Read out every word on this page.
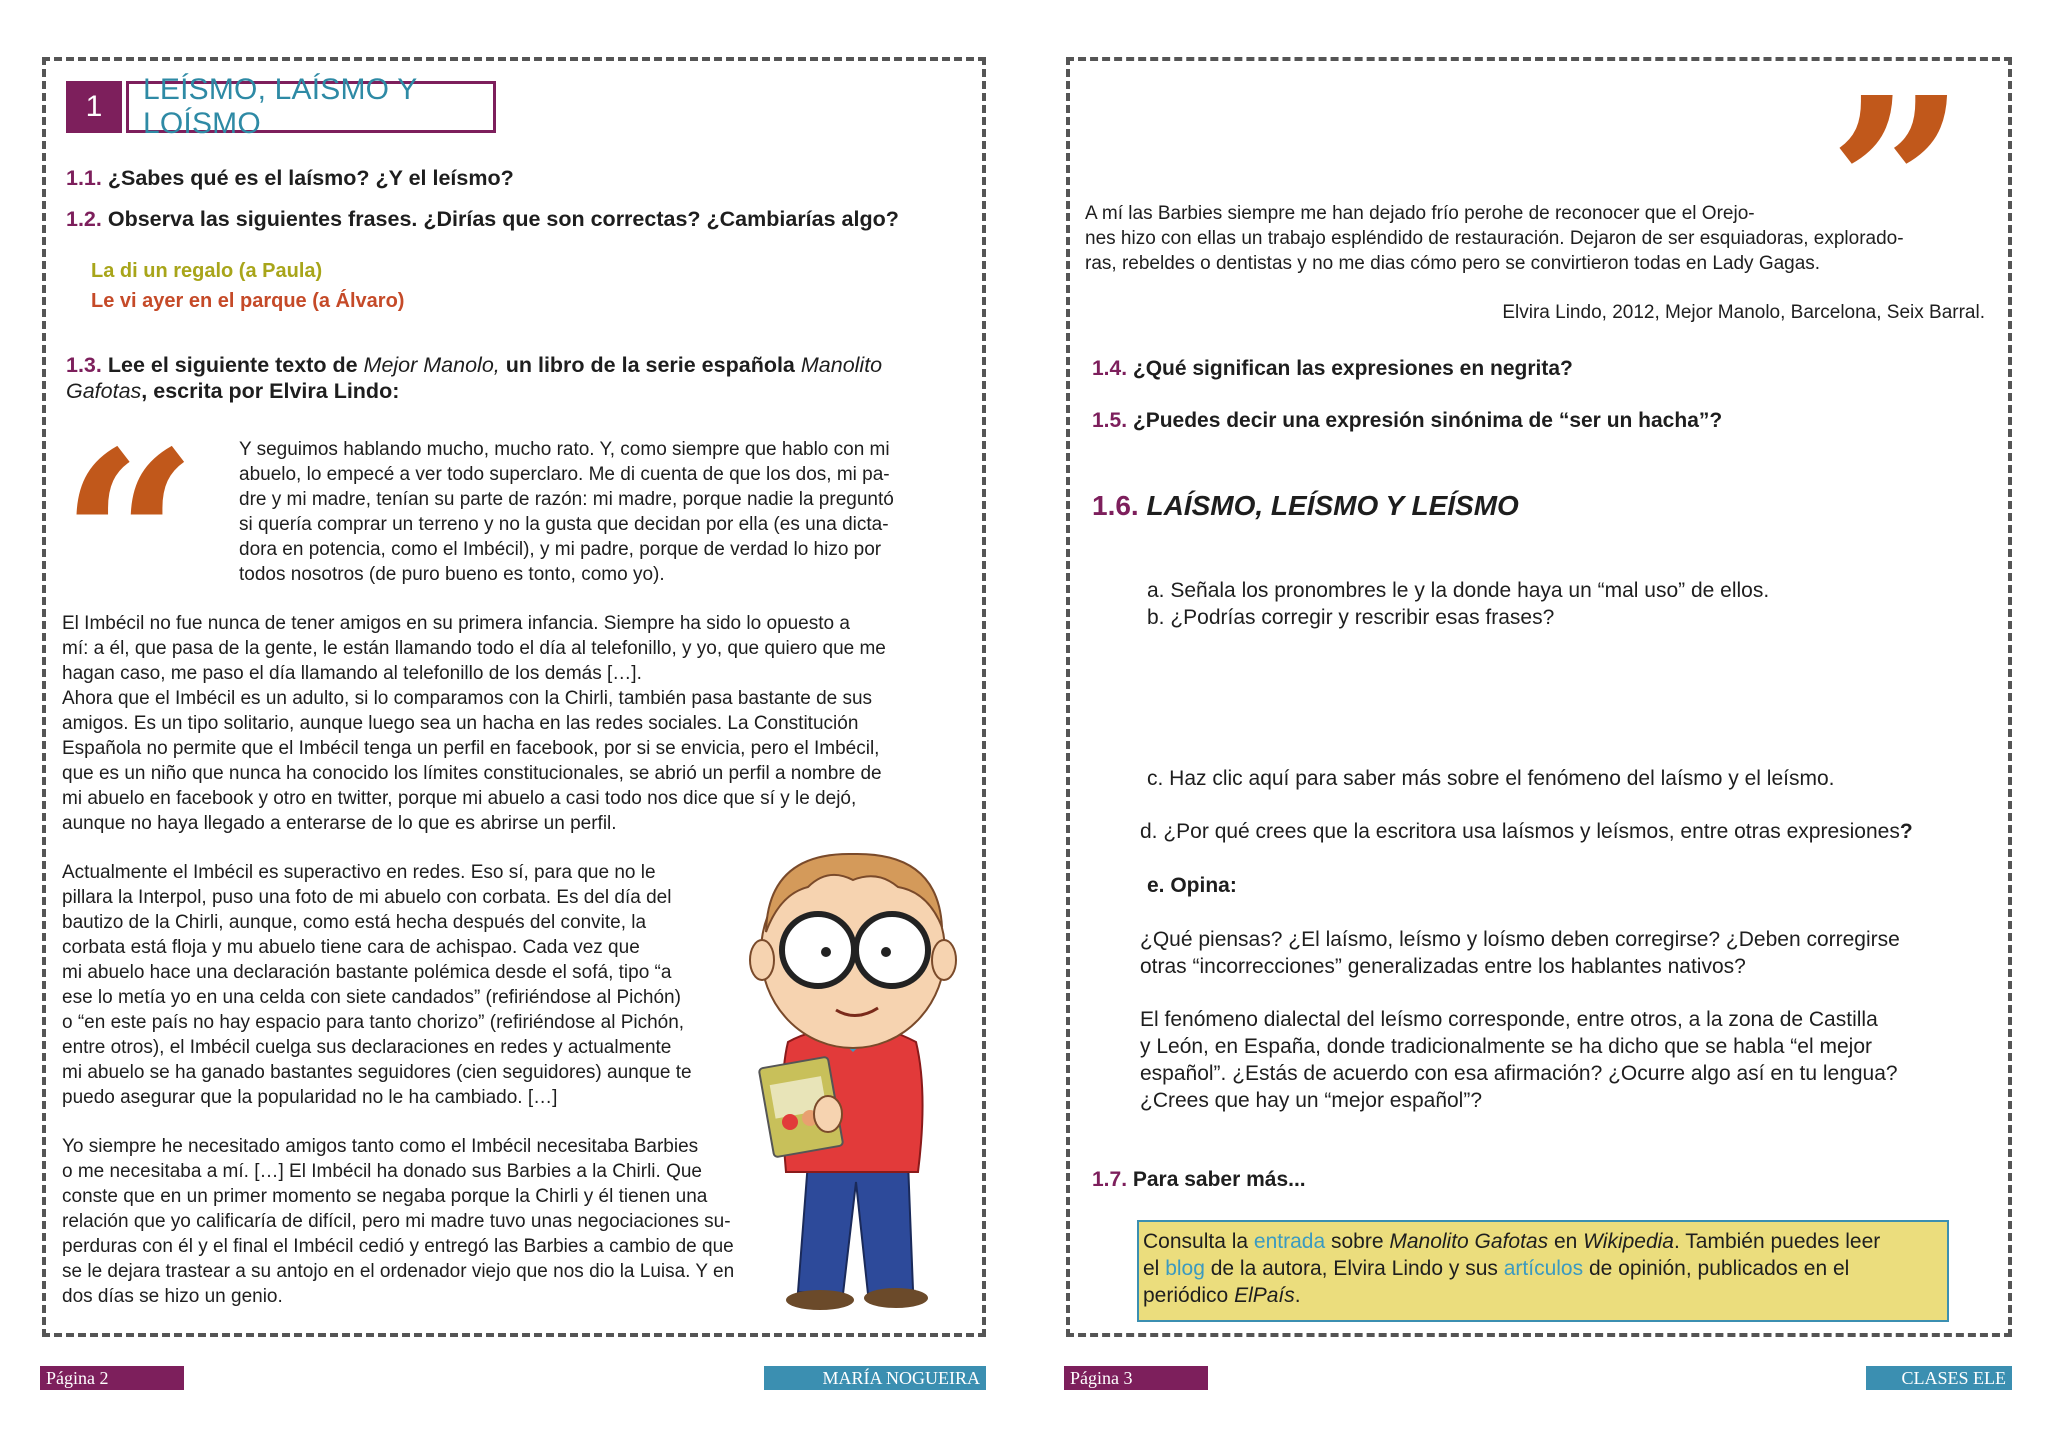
1
LEÍSMO, LAÍSMO Y LOÍSMO
1.1. ¿Sabes qué es el laísmo? ¿Y el leísmo?
1.2. Observa las siguientes frases. ¿Dirías que son correctas? ¿Cambiarías algo?
La di un regalo (a Paula)
Le vi ayer en el parque (a Álvaro)
1.3. Lee el siguiente texto de Mejor Manolo, un libro de la serie española Manolito
Gafotas, escrita por Elvira Lindo:
“ Y seguimos hablando mucho, mucho rato. Y, como siempre que hablo con mi
abuelo, lo empecé a ver todo superclaro. Me di cuenta de que los dos, mi pa-
dre y mi madre, tenían su parte de razón: mi madre, porque nadie la preguntó
si quería comprar un terreno y no la gusta que decidan por ella (es una dicta-
dora en potencia, como el Imbécil), y mi padre, porque de verdad lo hizo por
todos nosotros (de puro bueno es tonto, como yo).
El Imbécil no fue nunca de tener amigos en su primera infancia. Siempre ha sido lo opuesto a
mí: a él, que pasa de la gente, le están llamando todo el día al telefonillo, y yo, que quiero que me
hagan caso, me paso el día llamando al telefonillo de los demás […].
Ahora que el Imbécil es un adulto, si lo comparamos con la Chirli, también pasa bastante de sus
amigos. Es un tipo solitario, aunque luego sea un hacha en las redes sociales. La Constitución
Española no permite que el Imbécil tenga un perfil en facebook, por si se envicia, pero el Imbécil,
que es un niño que nunca ha conocido los límites constitucionales, se abrió un perfil a nombre de
mi abuelo en facebook y otro en twitter, porque mi abuelo a casi todo nos dice que sí y le dejó,
aunque no haya llegado a enterarse de lo que es abrirse un perfil.
Actualmente el Imbécil es superactivo en redes. Eso sí, para que no le
pillara la Interpol, puso una foto de mi abuelo con corbata. Es del día del
bautizo de la Chirli, aunque, como está hecha después del convite, la
corbata está floja y mu abuelo tiene cara de achispao. Cada vez que
mi abuelo hace una declaración bastante polémica desde el sofá, tipo “a
ese lo metía yo en una celda con siete candados” (refiriéndose al Pichón)
o “en este país no hay espacio para tanto chorizo” (refiriéndose al Pichón,
entre otros), el Imbécil cuelga sus declaraciones en redes y actualmente
mi abuelo se ha ganado bastantes seguidores (cien seguidores) aunque te
puedo asegurar que la popularidad no le ha cambiado. […]
Yo siempre he necesitado amigos tanto como el Imbécil necesitaba Barbies
o me necesitaba a mí. […] El Imbécil ha donado sus Barbies a la Chirli. Que
conste que en un primer momento se negaba porque la Chirli y él tienen una
relación que yo calificaría de difícil, pero mi madre tuvo unas negociaciones su-
perduras con él y el final el Imbécil cedió y entregó las Barbies a cambio de que
se le dejara trastear a su antojo en el ordenador viejo que nos dio la Luisa. Y en
dos días se hizo un genio.
Página 2	MARÍA NOGUEIRA
”
A mí las Barbies siempre me han dejado frío perohe de reconocer que el Orejo-
nes hizo con ellas un trabajo espléndido de restauración. Dejaron de ser esquiadoras, explorado-
ras, rebeldes o dentistas y no me dias cómo pero se convirtieron todas en Lady Gagas.
Elvira Lindo, 2012, Mejor Manolo, Barcelona, Seix Barral.
1.4. ¿Qué significan las expresiones en negrita?
1.5. ¿Puedes decir una expresión sinónima de “ser un hacha”?
1.6. LAÍSMO, LEÍSMO Y LEÍSMO
a. Señala los pronombres le y la donde haya un “mal uso” de ellos.
b. ¿Podrías corregir y rescribir esas frases?
c. Haz clic aquí para saber más sobre el fenómeno del laísmo y el leísmo.
d. ¿Por qué crees que la escritora usa laísmos y leísmos, entre otras expresiones?
e. Opina:
¿Qué piensas? ¿El laísmo, leísmo y loísmo deben corregirse? ¿Deben corregirse
otras “incorrecciones” generalizadas entre los hablantes nativos?
El fenómeno dialectal del leísmo corresponde, entre otros, a la zona de Castilla
y León, en España, donde tradicionalmente se ha dicho que se habla “el mejor
español”. ¿Estás de acuerdo con esa afirmación? ¿Ocurre algo así en tu lengua?
¿Crees que hay un “mejor español”?
1.7. Para saber más...
Consulta la entrada sobre Manolito Gafotas en Wikipedia. También puedes leer
el blog de la autora, Elvira Lindo y sus artículos de opinión, publicados en el
periódico ElPaís.
Página 3	CLASES ELE
